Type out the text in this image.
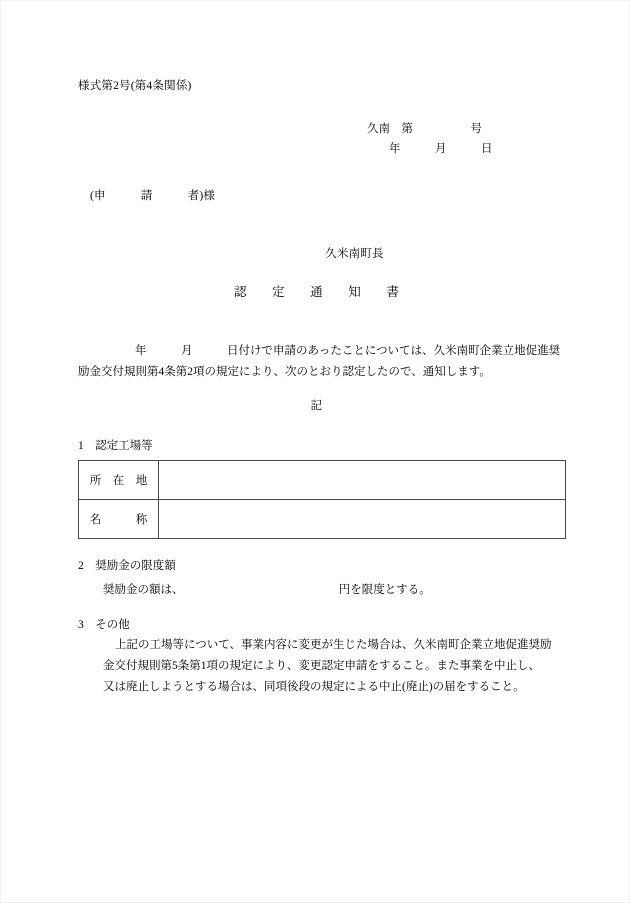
様式第2号(第4条関係)
久南　第　　　　　号
年　　　月　　　日
(申　　　請　　　者)様
久米南町長
認　　定　　通　　知　　書

年　　　月　　　日付けで申請のあったことについては、久米南町企業立地促進奨

励金交付規則第4条第2項の規定により、次のとおり認定したので、通知します。

記
1　認定工場等
所　在　地	
名　　　称	
2　奨励金の限度額
奨励金の額は、　　　　　　　　　　　　　　円を限度とする。
3　その他

上記の工場等について、事業内容に変更が生じた場合は、久米南町企業立地促進奨励

金交付規則第5条第1項の規定により、変更認定申請をすること。また事業を中止し、

又は廃止しようとする場合は、同項後段の規定による中止(廃止)の届をすること。
